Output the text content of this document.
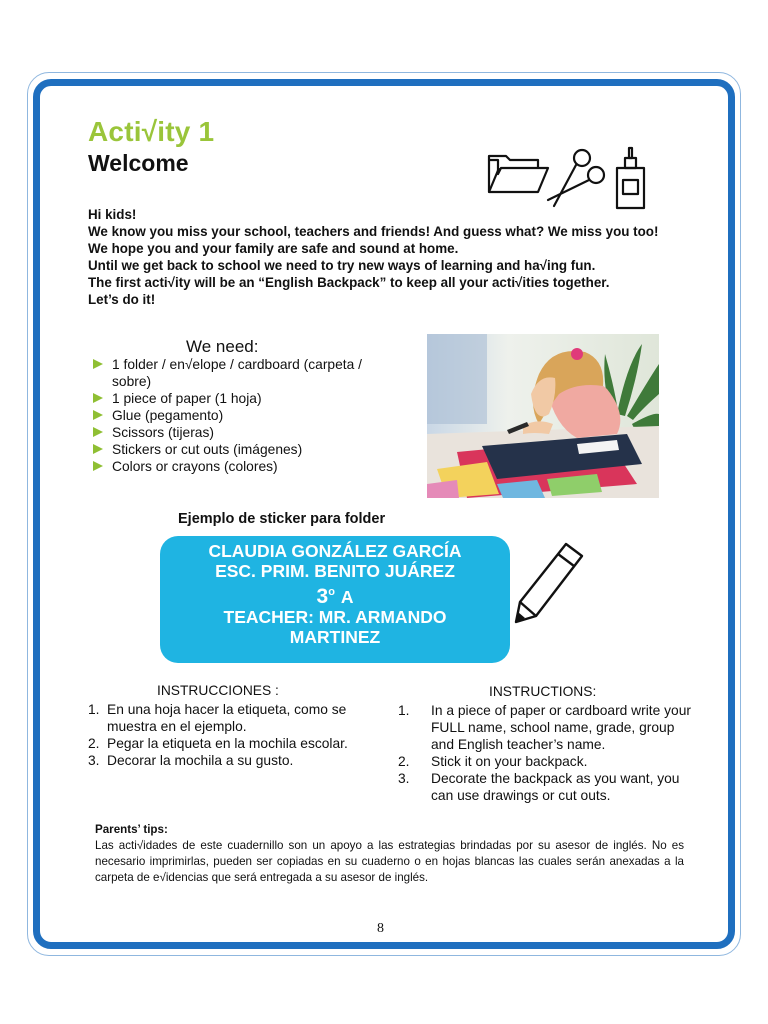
Acti√ity 1
Welcome

Hi kids!

We know you miss your school, teachers and friends! And guess what? We miss you too!

We hope you and your family are safe and sound at home.

Until we get back to school we need to try new ways of learning and ha√ing fun.

The first acti√ity will be an “English Backpack” to keep all your acti√ities together.

Let’s do it!

We need:
1 folder / en√elope / cardboard (carpeta / sobre)
1 piece of paper (1 hoja)
Glue (pegamento)
Scissors (tijeras)
Stickers or cut outs (imágenes)
Colors or crayons (colores)
Ejemplo de sticker para folder
CLAUDIA GONZÁLEZ GARCÍA
ESC. PRIM. BENITO JUÁREZ
3$^o$ A
TEACHER: MR. ARMANDO
MARTINEZ
INSTRUCCIONES :
1. En una hoja hacer la etiqueta, como se muestra en el ejemplo.
2. Pegar la etiqueta en la mochila escolar.
3. Decorar la mochila a su gusto.
INSTRUCTIONS:
1. In a piece of paper or cardboard write your FULL name, school name, grade, group and English teacher’s name.
2. Stick it on your backpack.
3. Decorate the backpack as you want, you can use drawings or cut outs.
Parents’ tips:
Las acti√idades de este cuadernillo son un apoyo a las estrategias brindadas por su asesor de inglés. No es necesario imprimirlas, pueden ser copiadas en su cuaderno o en hojas blancas las cuales serán anexadas a la carpeta de e√idencias que será entregada a su asesor de inglés.
8
